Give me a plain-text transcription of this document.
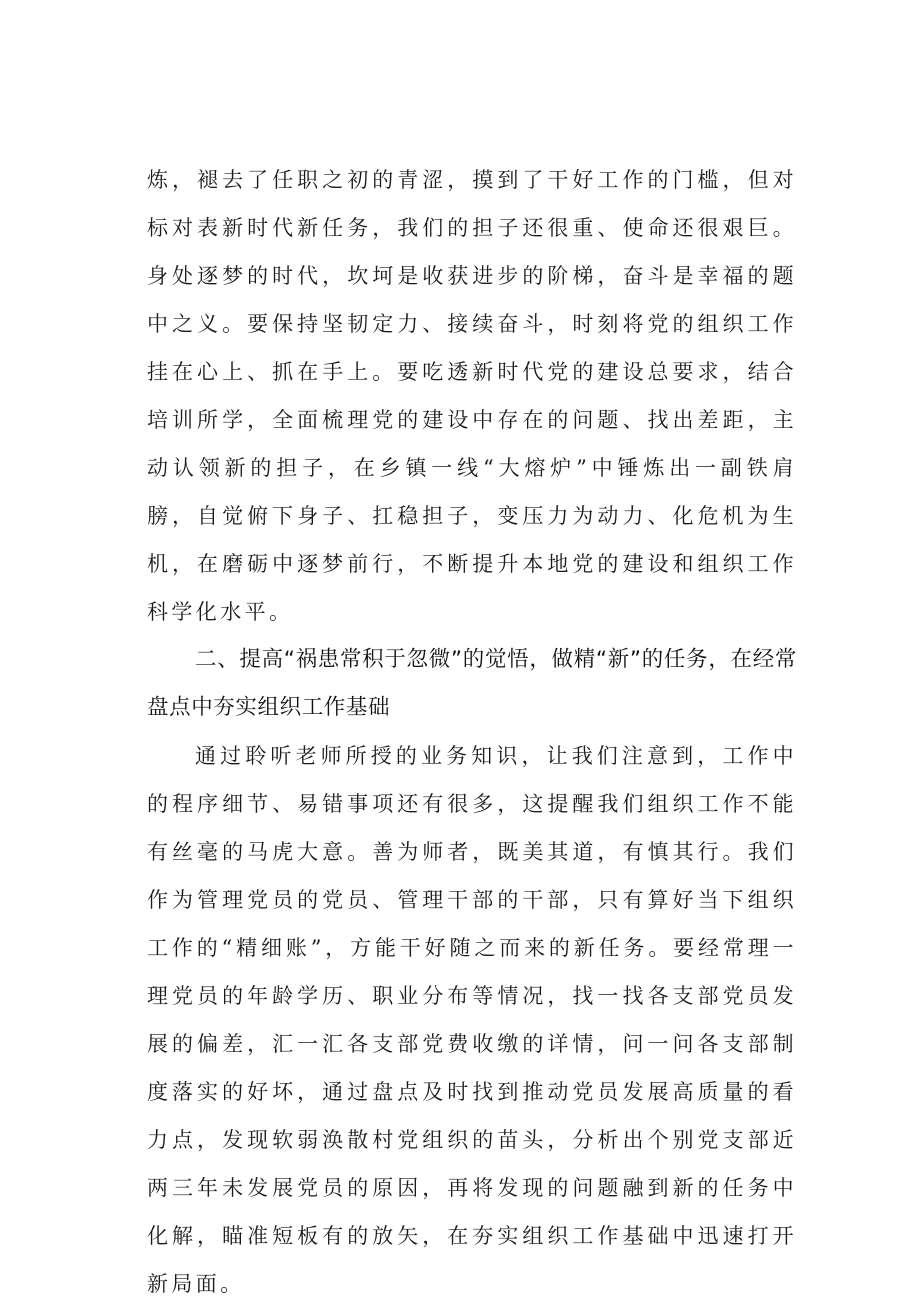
炼，褪去了任职之初的青涩，摸到了干好工作的门槛，但对标对表新时代新任务，我们的担子还很重、使命还很艰巨。身处逐梦的时代，坎坷是收获进步的阶梯，奋斗是幸福的题中之义。要保持坚韧定力、接续奋斗，时刻将党的组织工作挂在心上、抓在手上。要吃透新时代党的建设总要求，结合培训所学，全面梳理党的建设中存在的问题、找出差距，主动认领新的担子，在乡镇一线“大熔炉”中锤炼出一副铁肩膀，自觉俯下身子、扛稳担子，变压力为动力、化危机为生机，在磨砺中逐梦前行，不断提升本地党的建设和组织工作科学化水平。

二、提高“祸患常积于忽微”的觉悟，做精“新”的任务，在经常盘点中夯实组织工作基础

通过聆听老师所授的业务知识，让我们注意到，工作中的程序细节、易错事项还有很多，这提醒我们组织工作不能有丝毫的马虎大意。善为师者，既美其道，有慎其行。我们作为管理党员的党员、管理干部的干部，只有算好当下组织工作的“精细账”，方能干好随之而来的新任务。要经常理一理党员的年龄学历、职业分布等情况，找一找各支部党员发展的偏差，汇一汇各支部党费收缴的详情，问一问各支部制度落实的好坏，通过盘点及时找到推动党员发展高质量的看力点，发现软弱涣散村党组织的苗头，分析出个别党支部近两三年未发展党员的原因，再将发现的问题融到新的任务中化解，瞄准短板有的放矢，在夯实组织工作基础中迅速打开新局面。
